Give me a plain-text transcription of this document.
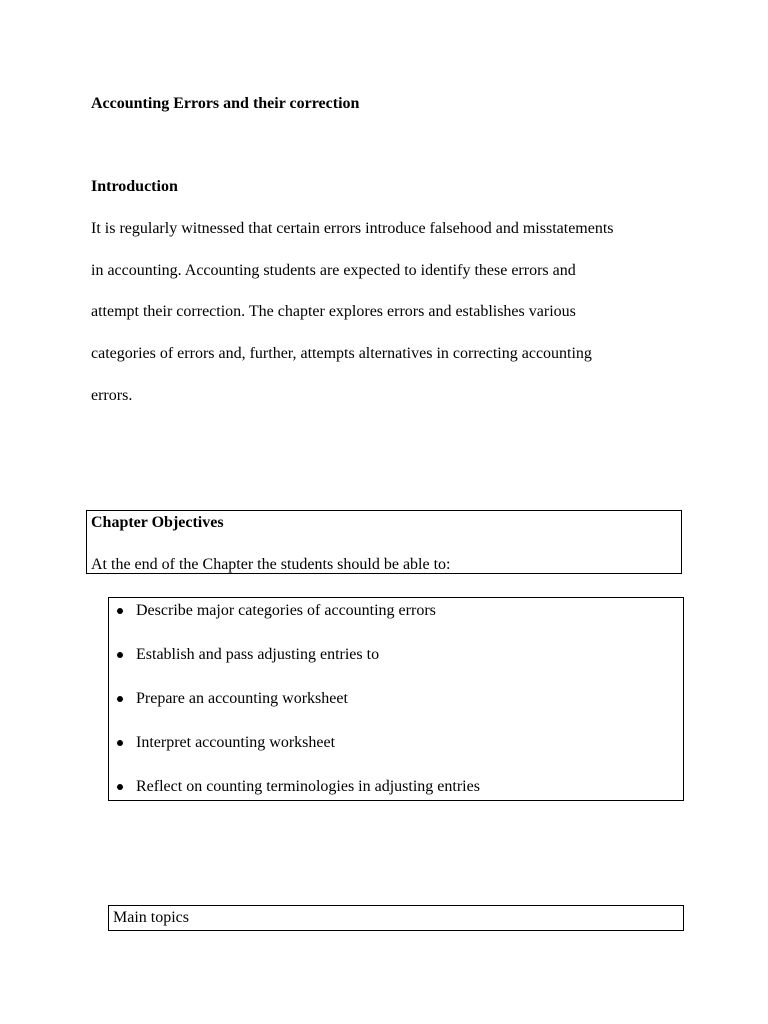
Accounting Errors and their correction
Introduction
It is regularly witnessed that certain errors introduce falsehood and misstatements
in accounting. Accounting students are expected to identify these errors and
attempt their correction. The chapter explores errors and establishes various
categories of errors and, further, attempts alternatives in correcting accounting
errors.
Chapter Objectives
At the end of the Chapter the students should be able to:
Describe major categories of accounting errors
Establish and pass adjusting entries to
Prepare an accounting worksheet
Interpret accounting worksheet
Reflect on counting terminologies in adjusting entries
Main topics
